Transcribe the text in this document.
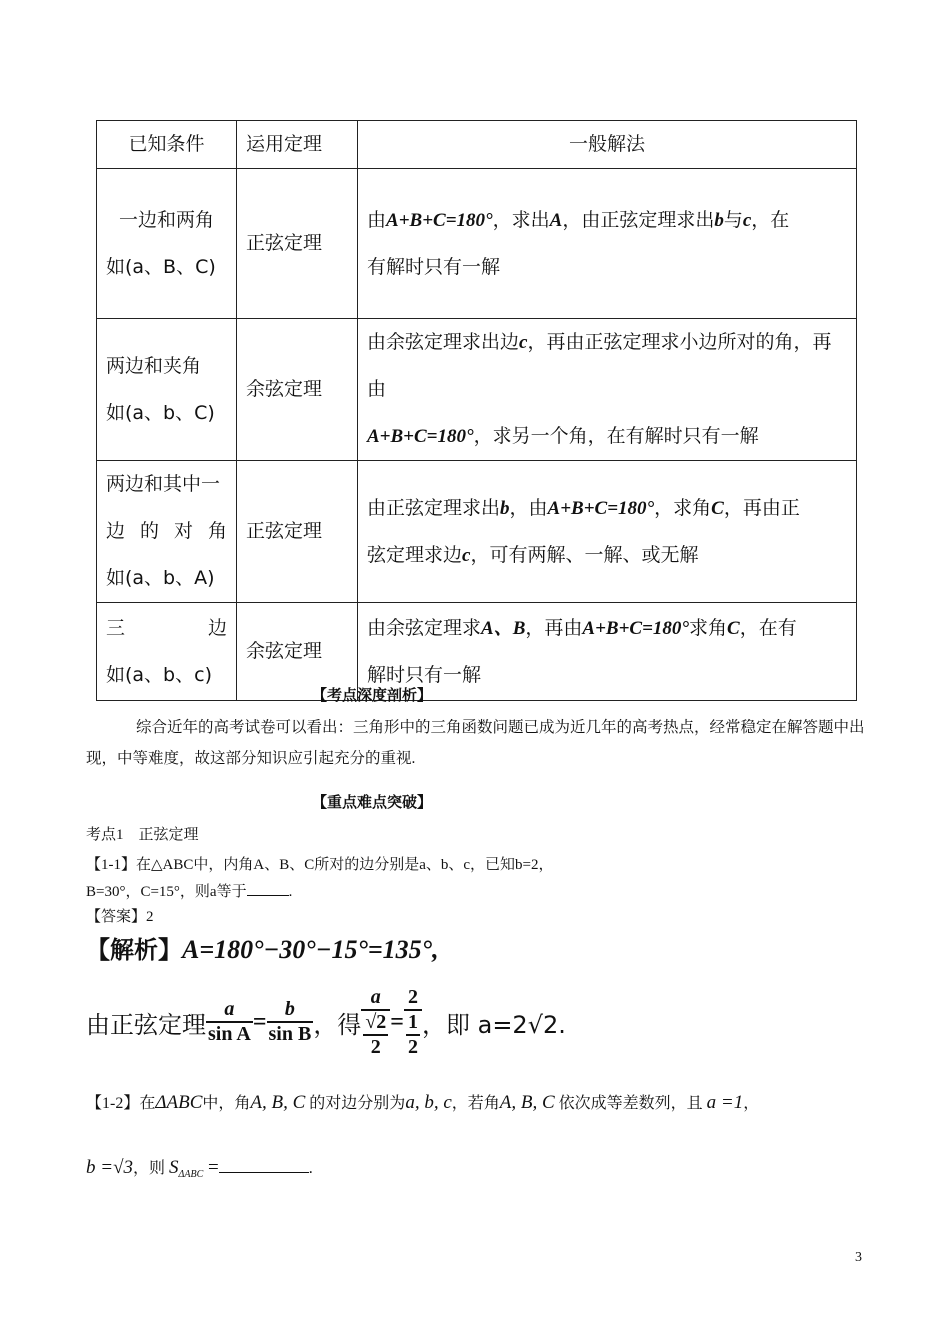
已知条件	运用定理	一般解法

一边和两角
如(a、B、C)	正弦定理	由A+B+C=180°，求出A，由正弦定理求出b与c，在
有解时只有一解

两边和夹角
如(a、b、C)	余弦定理	由余弦定理求出边c，再由正弦定理求小边所对的角，再由
A+B+C=180°，求另一个角，在有解时只有一解

两边和其中一
边的对角
如(a、b、A)	正弦定理	由正弦定理求出b，由A+B+C=180°，求角C，再由正
弦定理求边c，可有两解、一解、或无解

三 边
如(a、b、c)	余弦定理	由余弦定理求A、B，再由A+B+C=180°求角C，在有
解时只有一解
【考点深度剖析】
综合近年的高考试卷可以看出：三角形中的三角函数问题已成为近几年的高考热点，经常稳定在解答题中出现，中等难度，故这部分知识应引起充分的重视.
【重点难点突破】
考点1　正弦定理
【1-1】在△ABC中，内角A、B、C所对的边分别是a、b、c，已知b=2，
B=30°，C=15°，则a等于	.
【答案】2
【解析】A=180°−30°−15°=135°,
由正弦定理 $\frac{a}{\text{sin A}} = \frac{b}{\text{sin B}}$ ，得 a
√2
2 = 2
1
2 ，即 a=2√2.
【1-2】在ΔABC中，角A, B, C 的对边分别为a, b, c，若角A, B, C 依次成等差数列，且 a =1，
b =√3，则 $S_{\Delta ABC}$ =	.
3
